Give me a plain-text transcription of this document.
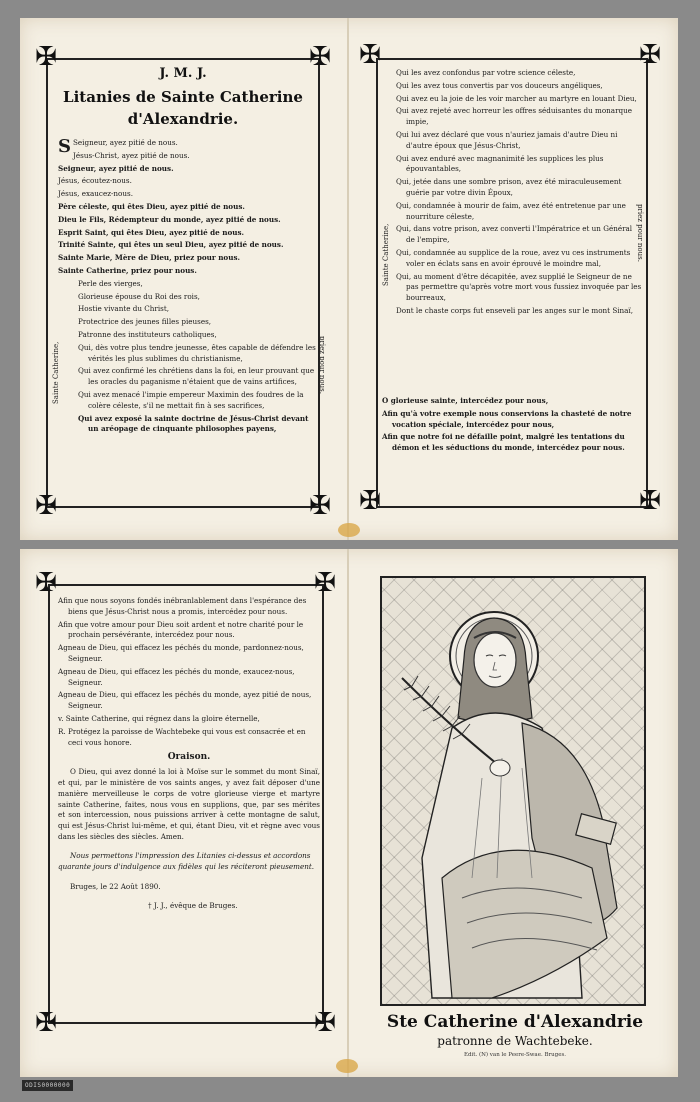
✠	✠
✠	✠
J. M. J.
Litanies de Sainte Catherine
d'Alexandrie.
Sainte Catherine,	priez pour nous.

S Seigneur, ayez pitié de nous.

Jésus-Christ, ayez pitié de nous.

Seigneur, ayez pitié de nous.

Jésus, écoutez-nous.

Jésus, exaucez-nous.

Père céleste, qui êtes Dieu, ayez pitié de nous.

Dieu le Fils, Rédempteur du monde, ayez pitié de nous.

Esprit Saint, qui êtes Dieu, ayez pitié de nous.

Trinité Sainte, qui êtes un seul Dieu, ayez pitié de nous.

Sainte Marie, Mère de Dieu, priez pour nous.

Sainte Catherine, priez pour nous.

Perle des vierges,

Glorieuse épouse du Roi des rois,

Hostie vivante du Christ,

Protectrice des jeunes filles pieuses,

Patronne des instituteurs catholiques,

Qui, dès votre plus tendre jeunesse, êtes capable de défendre les vérités les plus sublimes du christianisme,

Qui avez confirmé les chrétiens dans la foi, en leur prouvant que les oracles du paganisme n'étaient que de vains artifices,

Qui avez menacé l'impie empereur Maximin des foudres de la colère céleste, s'il ne mettait fin à ses sacrifices,

Qui avez exposé la sainte doctrine de Jésus-Christ devant un aréopage de cinquante philosophes payens,

✠	✠
✠	✠
Sainte Catherine,	priez pour nous.

Qui les avez confondus par votre science céleste,

Qui les avez tous convertis par vos douceurs angéliques,

Qui avez eu la joie de les voir marcher au martyre en louant Dieu,

Qui avez rejeté avec horreur les offres séduisantes du monarque impie,

Qui lui avez déclaré que vous n'auriez jamais d'autre Dieu ni d'autre époux que Jésus-Christ,

Qui avez enduré avec magnanimité les supplices les plus épouvantables,

Qui, jetée dans une sombre prison, avez été miraculeusement guérie par votre divin Époux,

Qui, condamnée à mourir de faim, avez été entretenue par une nourriture céleste,

Qui, dans votre prison, avez converti l'Impératrice et un Général de l'empire,

Qui, condamnée au supplice de la roue, avez vu ces instruments voler en éclats sans en avoir éprouvé le moindre mal,

Qui, au moment d'être décapitée, avez supplié le Seigneur de ne pas permettre qu'après votre mort vous fussiez invoquée par les bourreaux,

Dont le chaste corps fut enseveli par les anges sur le mont Sinaï,

O glorieuse sainte, intercédez pour nous,

Afin qu'à votre exemple nous conservions la chasteté de notre vocation spéciale, intercédez pour nous,

Afin que notre foi ne défaille point, malgré les tentations du démon et les séductions du monde, intercédez pour nous.

✠	✠
✠	✠

Afin que nous soyons fondés inébranlablement dans l'espérance des biens que Jésus-Christ nous a promis, intercédez pour nous.

Afin que votre amour pour Dieu soit ardent et notre charité pour le prochain persévérante, intercédez pour nous.

Agneau de Dieu, qui effacez les péchés du monde, pardonnez-nous, Seigneur.

Agneau de Dieu, qui effacez les péchés du monde, exaucez-nous, Seigneur.

Agneau de Dieu, qui effacez les péchés du monde, ayez pitié de nous, Seigneur.

v. Sainte Catherine, qui régnez dans la gloire éternelle,

R. Protégez la paroisse de Wachtebeke qui vous est consacrée et en ceci vous honore.

Oraison.

O Dieu, qui avez donné la loi à Moïse sur le sommet du mont Sinaï, et qui, par le ministère de vos saints anges, y avez fait déposer d'une manière merveilleuse le corps de votre glorieuse vierge et martyre sainte Catherine, faites, nous vous en supplions, que, par ses mérites et son intercession, nous puissions arriver à cette montagne de salut, qui est Jésus-Christ lui-même, et qui, étant Dieu, vit et règne avec vous dans les siècles des siècles. Amen.

Nous permettons l'impression des Litanies ci-dessus et accordons quarante jours d'indulgence aux fidèles qui les réciteront pieusement.

Bruges, le 22 Août 1890.

† J. J., évêque de Bruges.

Ste Catherine d'Alexandrie
patronne de Wachtebeke.
Edit. (N) van le Peere-Swae. Bruges.
ODIS0000000
